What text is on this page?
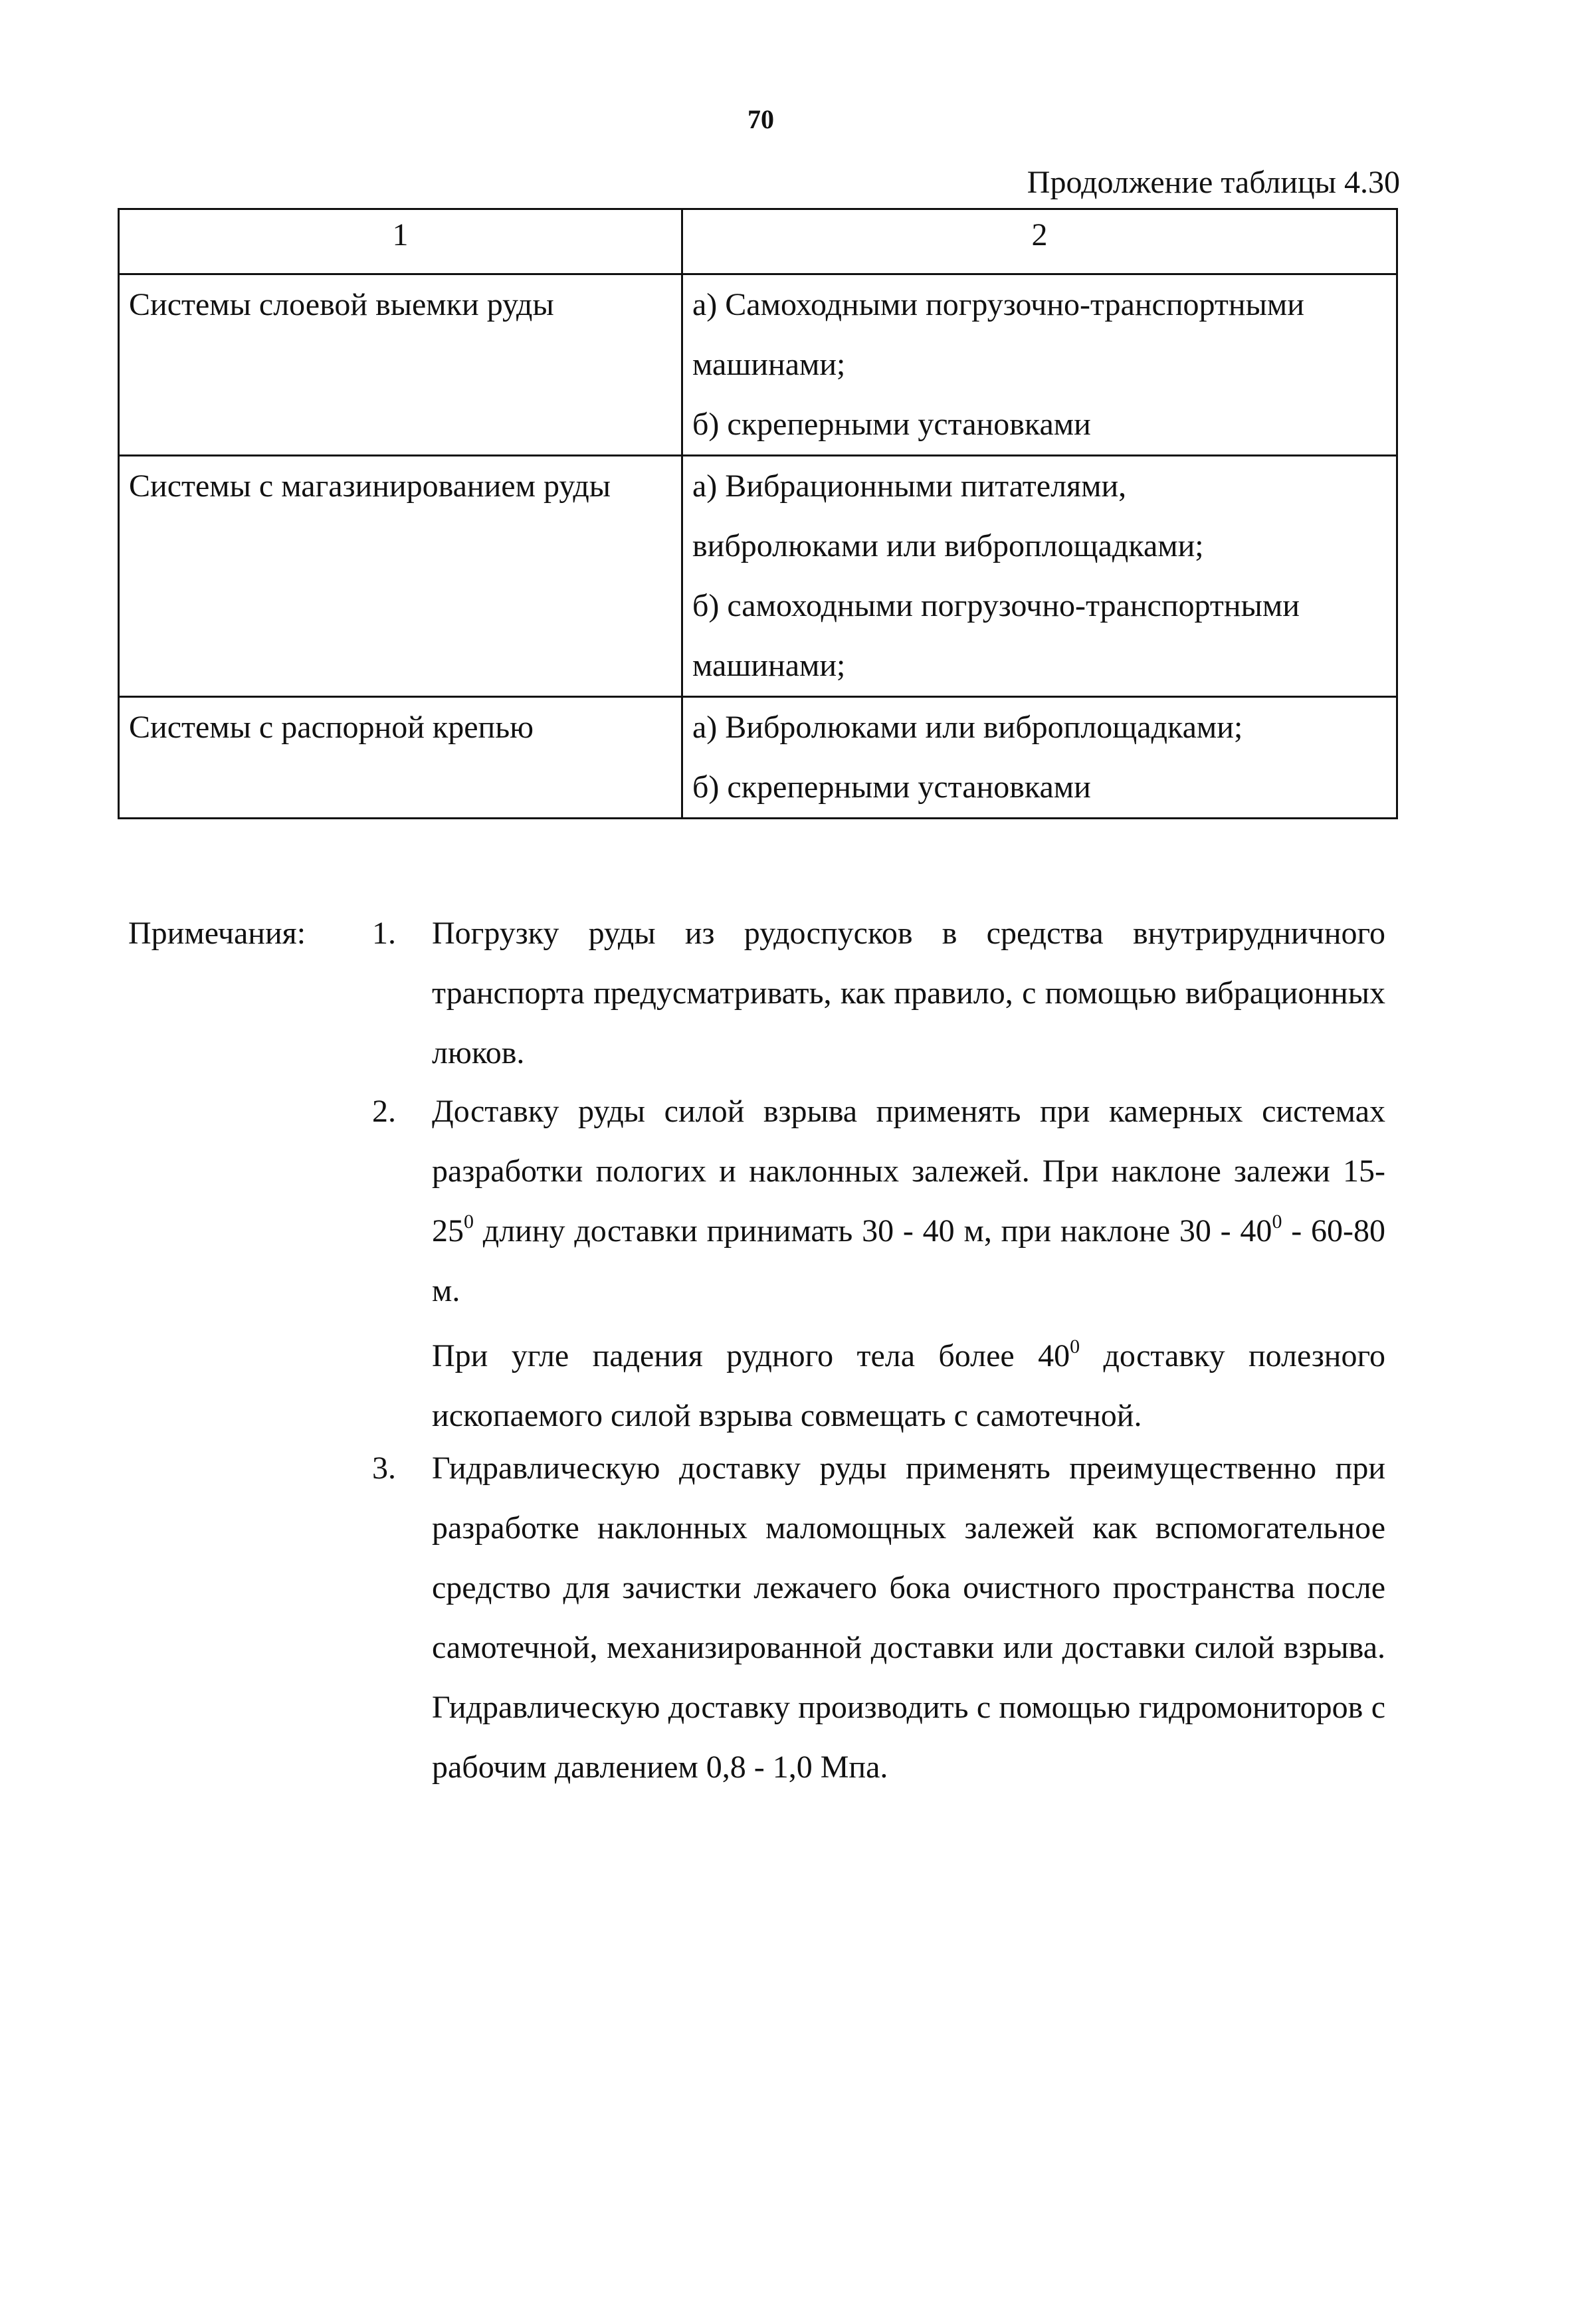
70
Продолжение таблицы 4.30
1	2

Системы слоевой выемки руды	а) Самоходными погрузочно-транспортными
машинами;
б) скреперными установками

Системы с магазинированием руды	а) Вибрационными питателями,
вибролюками или виброплощадками;
б) самоходными погрузочно-транспортными
машинами;

Системы с распорной крепью	а) Вибролюками или виброплощадками;
б) скреперными установками
Примечания: 1.	Погрузку руды из рудоспусков в средства внутрирудничного транспорта предусматривать, как правило, с помощью вибрационных люков.
2.	Доставку руды силой взрыва применять при камерных системах разработки пологих и наклонных залежей. При наклоне залежи $15-25^0$ длину доставки принимать 30 - 40 м, при наклоне $30 - 40^0 - 60-80$ м.
При угле падения рудного тела более $40^0$ доставку полезного ископаемого силой взрыва совмещать с самотечной.
3.	Гидравлическую доставку руды применять преимущественно при разработке наклонных маломощных залежей как вспомогательное средство для зачистки лежачего бока очистного пространства после самотечной, механизированной доставки или доставки силой взрыва. Гидравлическую доставку производить с помощью гидромониторов с рабочим давлением 0,8 - 1,0 Мпа.
